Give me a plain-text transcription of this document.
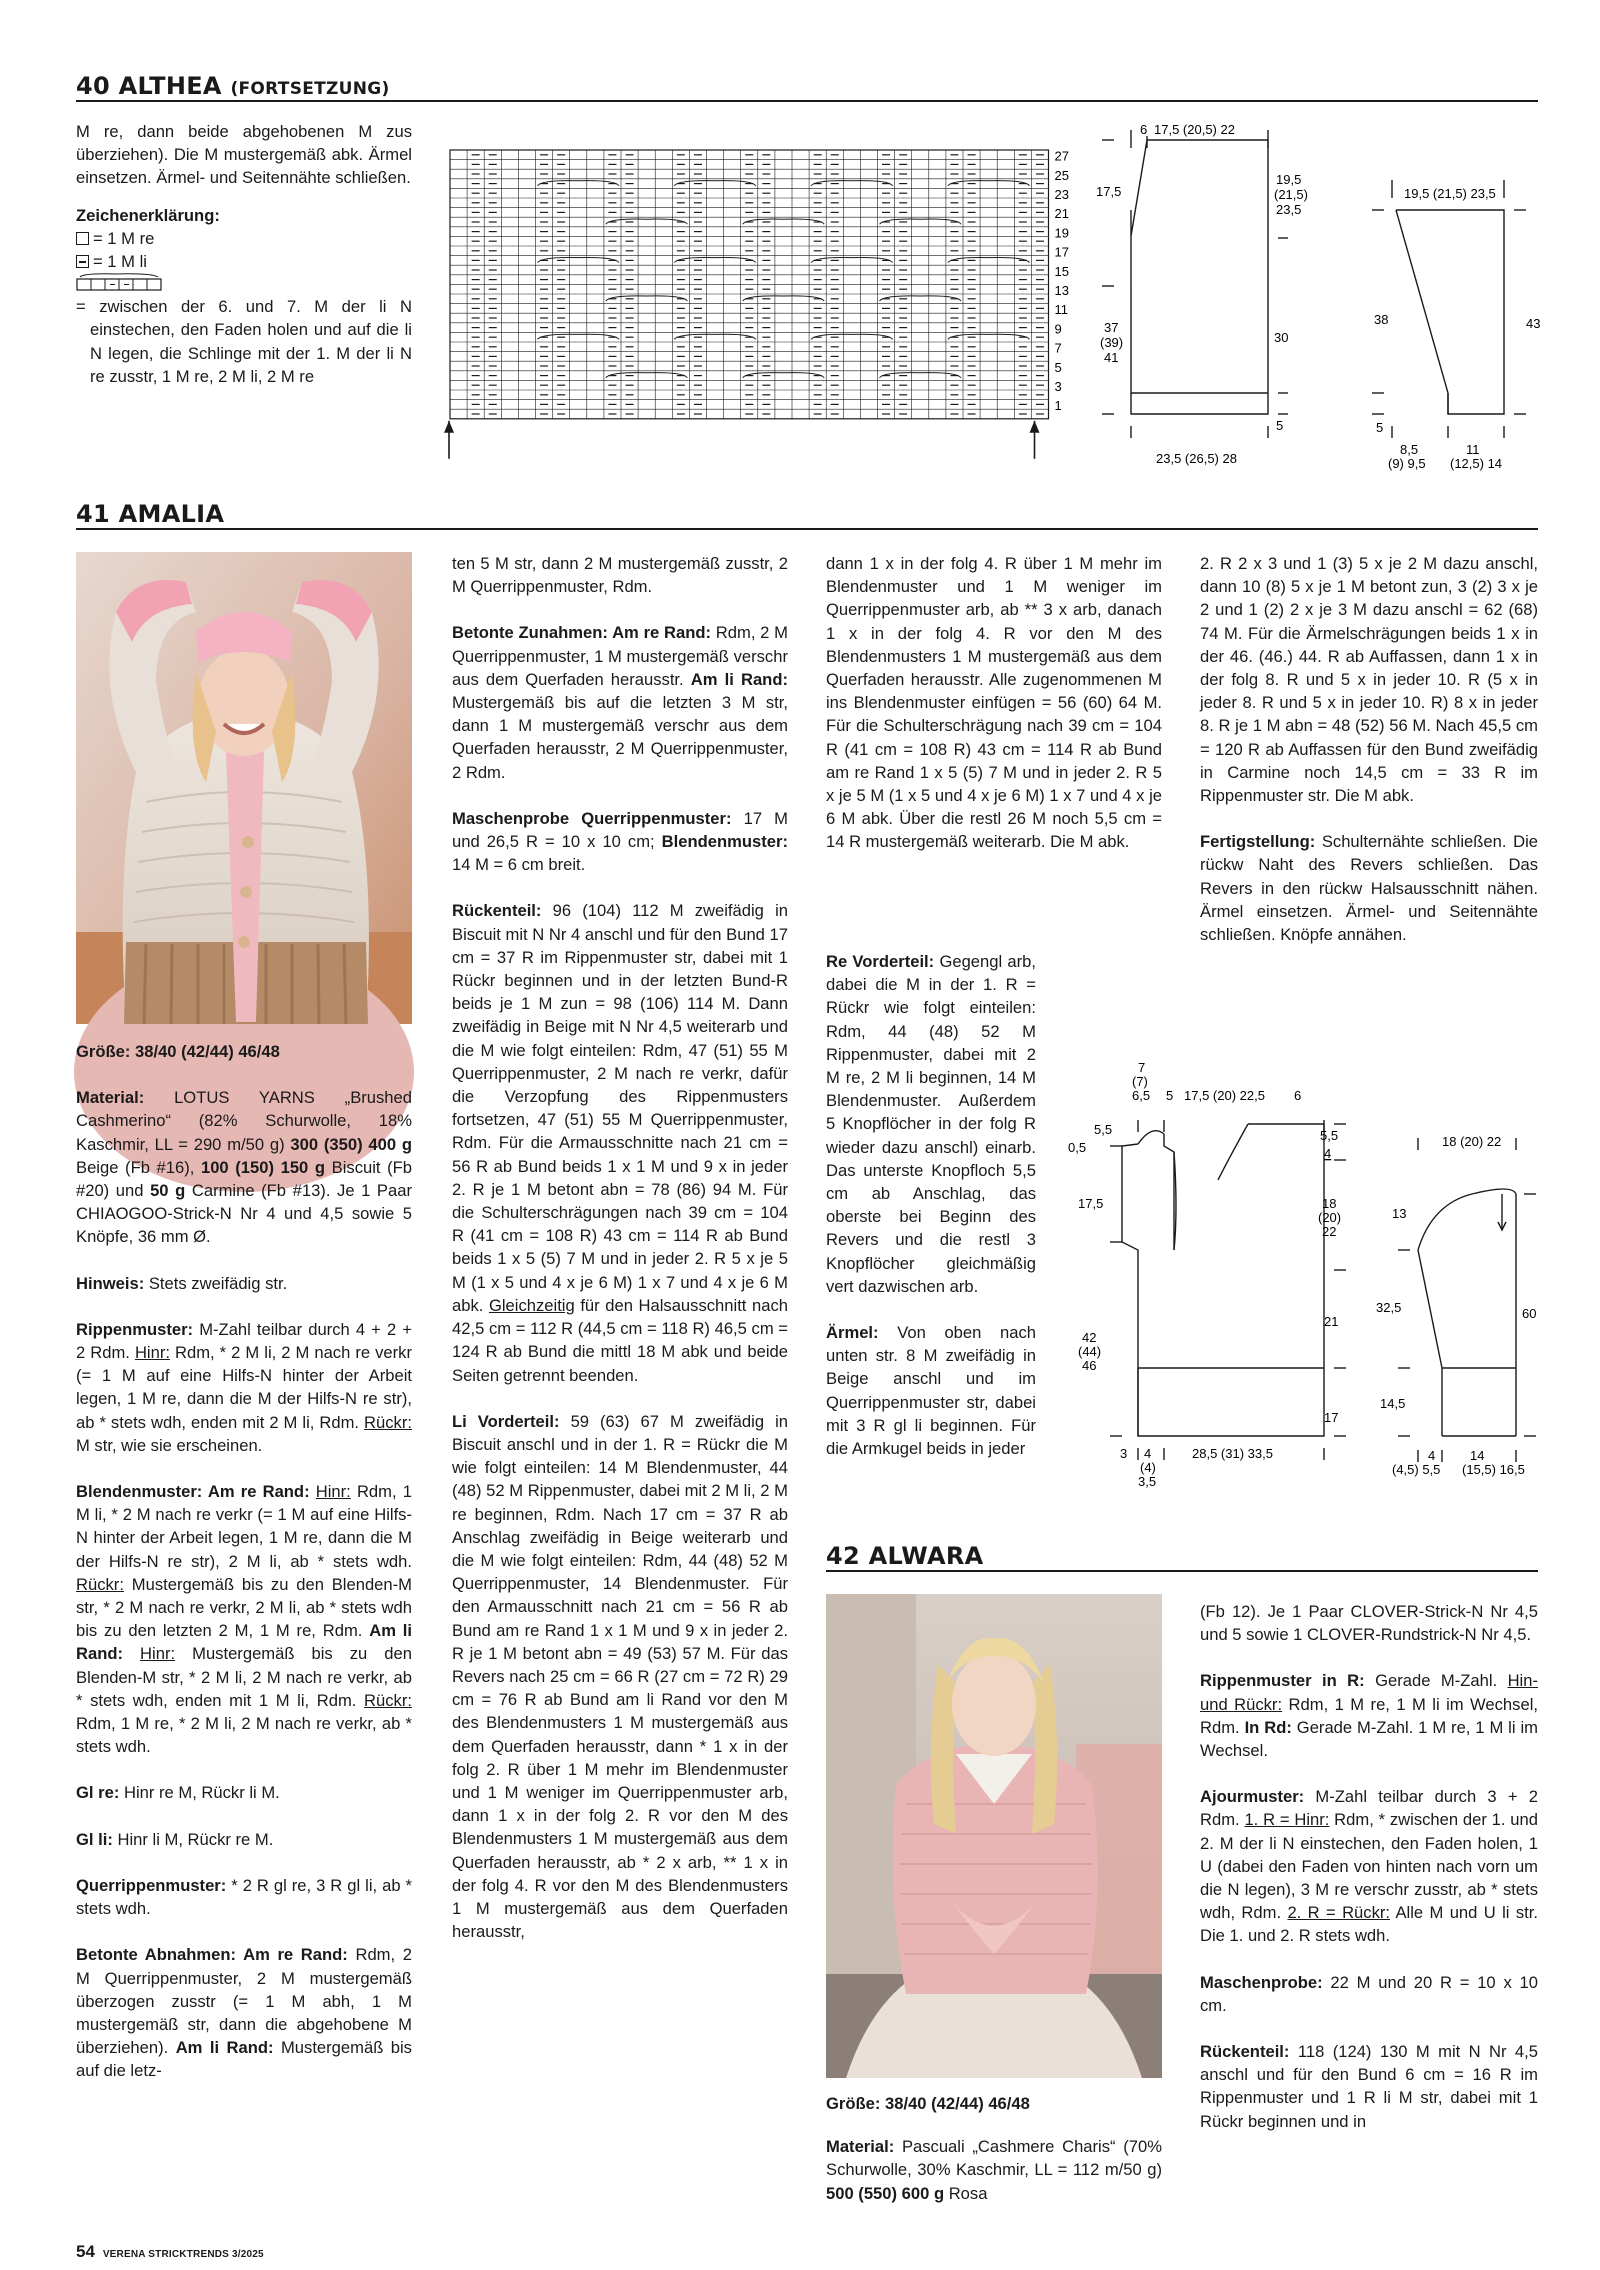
40 ALTHEA (FORTSETZUNG)

M re, dann beide abgehobenen M zus überziehen). Die M mustergemäß abk. Ärmel einsetzen. Ärmel- und Seitennähte schließen.

Zeichenerklärung:
= 1 M re
= 1 M li
= zwischen der 6. und 7. M der li N einstechen, den Faden holen und auf die li N legen, die Schlinge mit der 1. M der li N re zusstr, 1 M re, 2 M li, 2 M re
27
25
23
21
19
17
15
13
11
9
7
5
3
1
6 17,5 (20,5) 22
17,5
19,5
(21,5)
23,5
37
(39)
41
30
5
23,5 (26,5) 28
19,5 (21,5) 23,5
38	43
5
8,5	11
(9) 9,5 (12,5) 14
41 AMALIA

Größe: 38/40 (42/44) 46/48

Material: LOTUS YARNS „Brushed Cashmerino“ (82% Schurwolle, 18% Kaschmir, LL = 290 m/50 g) 300 (350) 400 g Beige (Fb #16), 100 (150) 150 g Biscuit (Fb #20) und 50 g Carmine (Fb #13). Je 1 Paar CHIAOGOO-Strick-N Nr 4 und 4,5 sowie 5 Knöpfe, 36 mm Ø.

Hinweis: Stets zweifädig str.

Rippenmuster: M-Zahl teilbar durch 4 + 2 + 2 Rdm. Hinr: Rdm, * 2 M li, 2 M nach re verkr (= 1 M auf eine Hilfs-N hinter der Arbeit legen, 1 M re, dann die M der Hilfs-N re str), ab * stets wdh, enden mit 2 M li, Rdm. Rückr: M str, wie sie erscheinen.

Blendenmuster: Am re Rand: Hinr: Rdm, 1 M li, * 2 M nach re verkr (= 1 M auf eine Hilfs-N hinter der Arbeit legen, 1 M re, dann die M der Hilfs-N re str), 2 M li, ab * stets wdh. Rückr: Mustergemäß bis zu den Blenden-M str, * 2 M nach re verkr, 2 M li, ab * stets wdh bis zu den letzten 2 M, 1 M re, Rdm. Am li Rand: Hinr: Mustergemäß bis zu den Blenden-M str, * 2 M li, 2 M nach re verkr, ab * stets wdh, enden mit 1 M li, Rdm. Rückr: Rdm, 1 M re, * 2 M li, 2 M nach re verkr, ab * stets wdh.

Gl re: Hinr re M, Rückr li M.

Gl li: Hinr li M, Rückr re M.

Querrippenmuster: * 2 R gl re, 3 R gl li, ab * stets wdh.

Betonte Abnahmen: Am re Rand: Rdm, 2 M Querrippenmuster, 2 M mustergemäß überzogen zusstr (= 1 M abh, 1 M mustergemäß str, dann die abgehobene M überziehen). Am li Rand: Mustergemäß bis auf die letz-

ten 5 M str, dann 2 M mustergemäß zusstr, 2 M Querrippenmuster, Rdm.

Betonte Zunahmen: Am re Rand: Rdm, 2 M Querrippenmuster, 1 M mustergemäß verschr aus dem Querfaden herausstr. Am li Rand: Mustergemäß bis auf die letzten 3 M str, dann 1 M mustergemäß verschr aus dem Querfaden herausstr, 2 M Querrippenmuster, 2 Rdm.

Maschenprobe Querrippenmuster: 17 M und 26,5 R = 10 x 10 cm; Blendenmuster: 14 M = 6 cm breit.

Rückenteil: 96 (104) 112 M zweifädig in Biscuit mit N Nr 4 anschl und für den Bund 17 cm = 37 R im Rippenmuster str, dabei mit 1 Rückr beginnen und in der letzten Bund-R beids je 1 M zun = 98 (106) 114 M. Dann zweifädig in Beige mit N Nr 4,5 weiterarb und die M wie folgt einteilen: Rdm, 47 (51) 55 M Querrippenmuster, 2 M nach re verkr, dafür die Verzopfung des Rippenmusters fortsetzen, 47 (51) 55 M Querrippenmuster, Rdm. Für die Armausschnitte nach 21 cm = 56 R ab Bund beids 1 x 1 M und 9 x in jeder 2. R je 1 M betont abn = 78 (86) 94 M. Für die Schulterschrägungen nach 39 cm = 104 R (41 cm = 108 R) 43 cm = 114 R ab Bund beids 1 x 5 (5) 7 M und in jeder 2. R 5 x je 5 M (1 x 5 und 4 x je 6 M) 1 x 7 und 4 x je 6 M abk. Gleichzeitig für den Halsausschnitt nach 42,5 cm = 112 R (44,5 cm = 118 R) 46,5 cm = 124 R ab Bund die mittl 18 M abk und beide Seiten getrennt beenden.

Li Vorderteil: 59 (63) 67 M zweifädig in Biscuit anschl und in der 1. R = Rückr die M wie folgt einteilen: 14 M Blendenmuster, 44 (48) 52 M Rippenmuster, dabei mit 2 M li, 2 M re beginnen, Rdm. Nach 17 cm = 37 R ab Anschlag zweifädig in Beige weiterarb und die M wie folgt einteilen: Rdm, 44 (48) 52 M Querrippenmuster, 14 Blendenmuster. Für den Armausschnitt nach 21 cm = 56 R ab Bund am re Rand 1 x 1 M und 9 x in jeder 2. R je 1 M betont abn = 49 (53) 57 M. Für das Revers nach 25 cm = 66 R (27 cm = 72 R) 29 cm = 76 R ab Bund am li Rand vor den M des Blendenmusters 1 M mustergemäß aus dem Querfaden herausstr, dann * 1 x in der folg 2. R über 1 M mehr im Blendenmuster und 1 M weniger im Querrippenmuster arb, dann 1 x in der folg 2. R vor den M des Blendenmusters 1 M mustergemäß aus dem Querfaden herausstr, ab * 2 x arb, ** 1 x in der folg 4. R vor den M des Blendenmusters 1 M mustergemäß aus dem Querfaden herausstr,

dann 1 x in der folg 4. R über 1 M mehr im Blendenmuster und 1 M weniger im Querrippenmuster arb, ab ** 3 x arb, danach 1 x in der folg 4. R vor den M des Blendenmusters 1 M mustergemäß aus dem Querfaden herausstr. Alle zugenommenen M ins Blendenmuster einfügen = 56 (60) 64 M. Für die Schulterschrägung nach 39 cm = 104 R (41 cm = 108 R) 43 cm = 114 R ab Bund am re Rand 1 x 5 (5) 7 M und in jeder 2. R 5 x je 5 M (1 x 5 und 4 x je 6 M) 1 x 7 und 4 x je 6 M abk. Über die restl 26 M noch 5,5 cm = 14 R mustergemäß weiterarb. Die M abk.

Re Vorderteil: Gegengl arb, dabei die M in der 1. R = Rückr wie folgt einteilen: Rdm, 44 (48) 52 M Rippenmuster, dabei mit 2 M re, 2 M li beginnen, 14 M Blendenmuster. Außerdem 5 Knopflöcher in der folg R wieder dazu anschl) einarb. Das unterste Knopfloch 5,5 cm ab Anschlag, das oberste bei Beginn des Revers und die restl 3 Knopflöcher gleichmäßig vert dazwischen arb.

Ärmel: Von oben nach unten str. 8 M zweifädig in Beige anschl und im Querrippenmuster str, dabei mit 3 R gl li beginnen. Für die Armkugel beids in jeder

2. R 2 x 3 und 1 (3) 5 x je 2 M dazu anschl, dann 10 (8) 5 x je 1 M betont zun, 3 (2) 3 x je 2 und 1 (2) 2 x je 3 M dazu anschl = 62 (68) 74 M. Für die Ärmelschrägungen beids 1 x in der 46. (46.) 44. R ab Auffassen, dann 1 x in der folg 8. R und 5 x in jeder 10. R (5 x in jeder 8. R und 5 x in jeder 10. R) 8 x in jeder 8. R je 1 M abn = 48 (52) 56 M. Nach 45,5 cm = 120 R ab Auffassen für den Bund zweifädig in Carmine noch 14,5 cm = 33 R im Rippenmuster str. Die M abk.

Fertigstellung: Schulternähte schließen. Die rückw Naht des Revers schließen. Das Revers in den rückw Halsausschnitt nähen. Ärmel einsetzen. Ärmel- und Seitennähte schließen. Knöpfe annähen.

7
(7)
6,5 5 17,5 (20) 22,5 6
5,5
0,5
17,5
42
(44)
46
5,5
4
18
(20)
22
21
17
3 4
(4)
3,5
28,5 (31) 33,5
18 (20) 22
13
32,5
14,5
60
4	14
(4,5) 5,5 (15,5) 16,5
42 ALWARA

Größe: 38/40 (42/44) 46/48

Material: Pascuali „Cashmere Charis“ (70% Schurwolle, 30% Kaschmir, LL = 112 m/50 g) 500 (550) 600 g Rosa

(Fb 12). Je 1 Paar CLOVER-Strick-N Nr 4,5 und 5 sowie 1 CLOVER-Rundstrick-N Nr 4,5.

Rippenmuster in R: Gerade M-Zahl. Hin- und Rückr: Rdm, 1 M re, 1 M li im Wechsel, Rdm. In Rd: Gerade M-Zahl. 1 M re, 1 M li im Wechsel.

Ajourmuster: M-Zahl teilbar durch 3 + 2 Rdm. 1. R = Hinr: Rdm, * zwischen der 1. und 2. M der li N einstechen, den Faden holen, 1 U (dabei den Faden von hinten nach vorn um die N legen), 3 M re verschr zusstr, ab * stets wdh, Rdm. 2. R = Rückr: Alle M und U li str. Die 1. und 2. R stets wdh.

Maschenprobe: 22 M und 20 R = 10 x 10 cm.

Rückenteil: 118 (124) 130 M mit N Nr 4,5 anschl und für den Bund 6 cm = 16 R im Rippenmuster und 1 R li M str, dabei mit 1 Rückr beginnen und in

54 VERENA STRICKTRENDS 3/2025
